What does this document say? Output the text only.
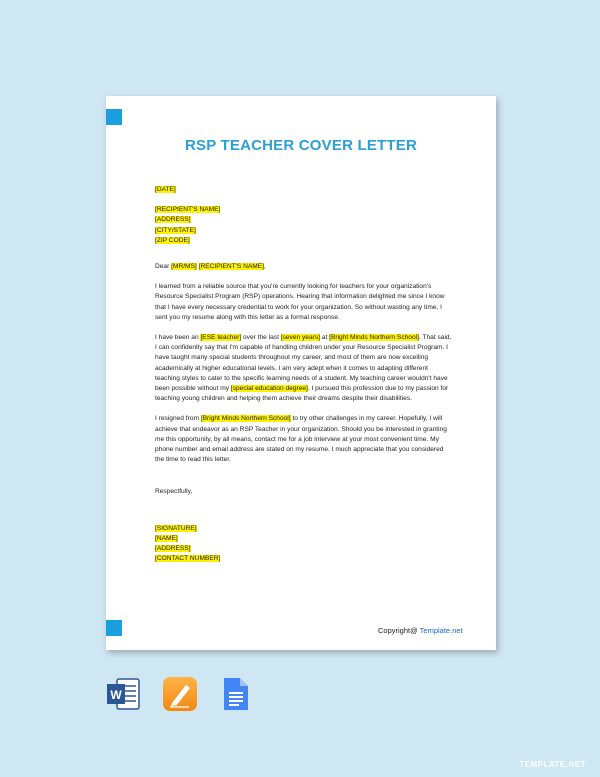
RSP TEACHER COVER LETTER
[DATE]
[RECIPIENT'S NAME]
[ADDRESS]
[CITY/STATE]
[ZIP CODE]
Dear [MR/MS] [RECIPIENT'S NAME],
I learned from a reliable source that you're currently looking for teachers for your organization's
Resource Specialist Program (RSP) operations. Hearing that information delighted me since I know
that I have every necessary credential to work for your organization. So without wasting any time, I
sent you my resume along with this letter as a formal response.
I have been an [ESE teacher] over the last [seven years] at [Bright Minds Northern School]. That said,
I can confidently say that I'm capable of handling children under your Resource Specialist Program. I
have taught many special students throughout my career, and most of them are now excelling
academically at higher educational levels. I am very adept when it comes to adapting different
teaching styles to cater to the specific learning needs of a student. My teaching career wouldn't have
been possible without my [special education degree]. I pursued this profession due to my passion for
teaching young children and helping them achieve their dreams despite their disabilities.
I resigned from [Bright Minds Northern School] to try other challenges in my career. Hopefully, I will
achieve that endeavor as an RSP Teacher in your organization. Should you be interested in granting
me this opportunity, by all means, contact me for a job interview at your most convenient time. My
phone number and email address are stated on my resume. I much appreciate that you considered
the time to read this letter.
Respectfully,
[SIGNATURE]
[NAME]
[ADDRESS]
[CONTACT NUMBER]
Copyright@ Template.net
W
TEMPLATE.NET
